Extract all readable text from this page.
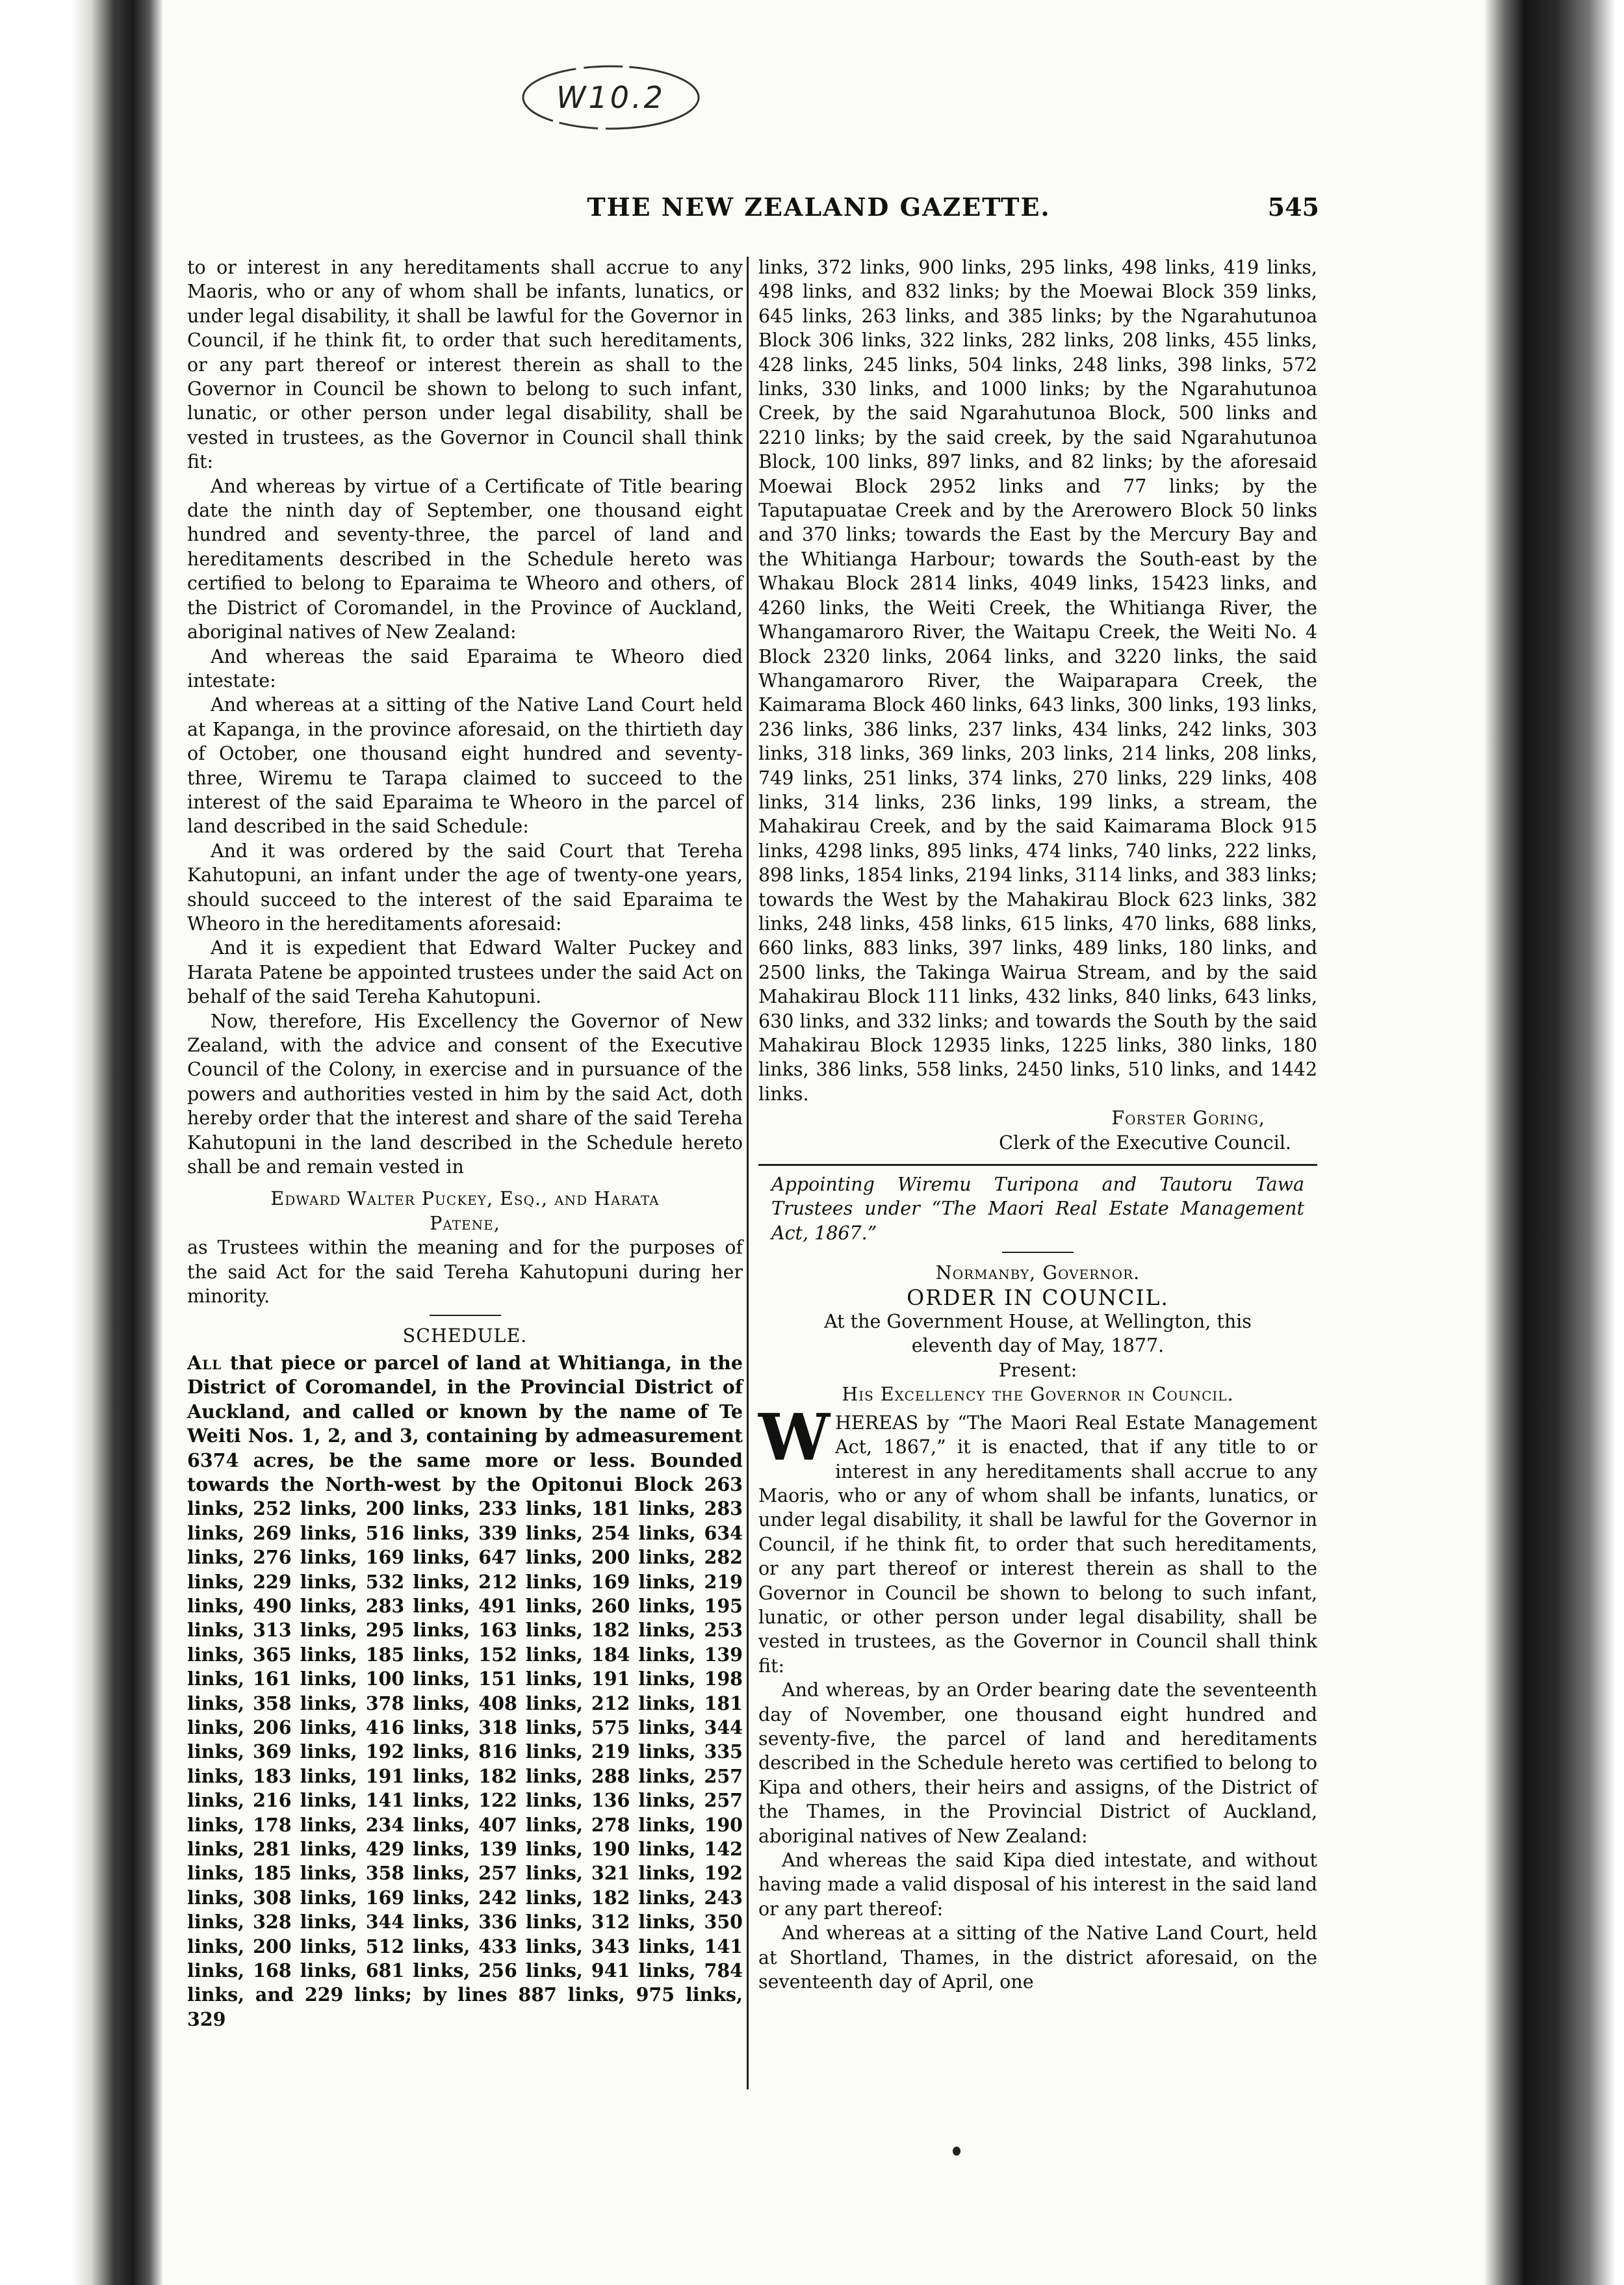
W10.2
THE NEW ZEALAND GAZETTE.	545

to or interest in any hereditaments shall accrue to any Maoris, who or any of whom shall be infants, lunatics, or under legal disability, it shall be lawful for the Governor in Council, if he think fit, to order that such hereditaments, or any part thereof or interest therein as shall to the Governor in Council be shown to belong to such infant, lunatic, or other person under legal disability, shall be vested in trustees, as the Governor in Council shall think fit:

And whereas by virtue of a Certificate of Title bearing date the ninth day of September, one thousand eight hundred and seventy-three, the parcel of land and hereditaments described in the Schedule hereto was certified to belong to Eparaima te Wheoro and others, of the District of Coromandel, in the Province of Auckland, aboriginal natives of New Zealand:

And whereas the said Eparaima te Wheoro died intestate:

And whereas at a sitting of the Native Land Court held at Kapanga, in the province aforesaid, on the thirtieth day of October, one thousand eight hundred and seventy-three, Wiremu te Tarapa claimed to succeed to the interest of the said Eparaima te Wheoro in the parcel of land described in the said Schedule:

And it was ordered by the said Court that Tereha Kahutopuni, an infant under the age of twenty-one years, should succeed to the interest of the said Eparaima te Wheoro in the hereditaments aforesaid:

And it is expedient that Edward Walter Puckey and Harata Patene be appointed trustees under the said Act on behalf of the said Tereha Kahutopuni.

Now, therefore, His Excellency the Governor of New Zealand, with the advice and consent of the Executive Council of the Colony, in exercise and in pursuance of the powers and authorities vested in him by the said Act, doth hereby order that the interest and share of the said Tereha Kahutopuni in the land described in the Schedule hereto shall be and remain vested in

Edward Walter Puckey, Esq., and Harata

Patene,

as Trustees within the meaning and for the purposes of the said Act for the said Tereha Kahutopuni during her minority.

SCHEDULE.

All that piece or parcel of land at Whitianga, in the District of Coromandel, in the Provincial District of Auckland, and called or known by the name of Te Weiti Nos. 1, 2, and 3, containing by admeasurement 6374 acres, be the same more or less. Bounded towards the North-west by the Opitonui Block 263 links, 252 links, 200 links, 233 links, 181 links, 283 links, 269 links, 516 links, 339 links, 254 links, 634 links, 276 links, 169 links, 647 links, 200 links, 282 links, 229 links, 532 links, 212 links, 169 links, 219 links, 490 links, 283 links, 491 links, 260 links, 195 links, 313 links, 295 links, 163 links, 182 links, 253 links, 365 links, 185 links, 152 links, 184 links, 139 links, 161 links, 100 links, 151 links, 191 links, 198 links, 358 links, 378 links, 408 links, 212 links, 181 links, 206 links, 416 links, 318 links, 575 links, 344 links, 369 links, 192 links, 816 links, 219 links, 335 links, 183 links, 191 links, 182 links, 288 links, 257 links, 216 links, 141 links, 122 links, 136 links, 257 links, 178 links, 234 links, 407 links, 278 links, 190 links, 281 links, 429 links, 139 links, 190 links, 142 links, 185 links, 358 links, 257 links, 321 links, 192 links, 308 links, 169 links, 242 links, 182 links, 243 links, 328 links, 344 links, 336 links, 312 links, 350 links, 200 links, 512 links, 433 links, 343 links, 141 links, 168 links, 681 links, 256 links, 941 links, 784 links, and 229 links; by lines 887 links, 975 links, 329

links, 372 links, 900 links, 295 links, 498 links, 419 links, 498 links, and 832 links; by the Moewai Block 359 links, 645 links, 263 links, and 385 links; by the Ngarahutunoa Block 306 links, 322 links, 282 links, 208 links, 455 links, 428 links, 245 links, 504 links, 248 links, 398 links, 572 links, 330 links, and 1000 links; by the Ngarahutunoa Creek, by the said Ngarahutunoa Block, 500 links and 2210 links; by the said creek, by the said Ngarahutunoa Block, 100 links, 897 links, and 82 links; by the aforesaid Moewai Block 2952 links and 77 links; by the Taputapuatae Creek and by the Arerowero Block 50 links and 370 links; towards the East by the Mercury Bay and the Whitianga Harbour; towards the South-east by the Whakau Block 2814 links, 4049 links, 15423 links, and 4260 links, the Weiti Creek, the Whitianga River, the Whangamaroro River, the Waitapu Creek, the Weiti No. 4 Block 2320 links, 2064 links, and 3220 links, the said Whangamaroro River, the Waiparapara Creek, the Kaimarama Block 460 links, 643 links, 300 links, 193 links, 236 links, 386 links, 237 links, 434 links, 242 links, 303 links, 318 links, 369 links, 203 links, 214 links, 208 links, 749 links, 251 links, 374 links, 270 links, 229 links, 408 links, 314 links, 236 links, 199 links, a stream, the Mahakirau Creek, and by the said Kaimarama Block 915 links, 4298 links, 895 links, 474 links, 740 links, 222 links, 898 links, 1854 links, 2194 links, 3114 links, and 383 links; towards the West by the Mahakirau Block 623 links, 382 links, 248 links, 458 links, 615 links, 470 links, 688 links, 660 links, 883 links, 397 links, 489 links, 180 links, and 2500 links, the Takinga Wairua Stream, and by the said Mahakirau Block 111 links, 432 links, 840 links, 643 links, 630 links, and 332 links; and towards the South by the said Mahakirau Block 12935 links, 1225 links, 380 links, 180 links, 386 links, 558 links, 2450 links, 510 links, and 1442 links.

Forster Goring,

Clerk of the Executive Council.

Appointing Wiremu Turipona and Tautoru Tawa Trustees under “The Maori Real Estate Management Act, 1867.”

Normanby, Governor.

ORDER IN COUNCIL.

At the Government House, at Wellington, this eleventh day of May, 1877.

Present:

His Excellency the Governor in Council.

WHEREAS by “The Maori Real Estate Management Act, 1867,” it is enacted, that if any title to or interest in any hereditaments shall accrue to any Maoris, who or any of whom shall be infants, lunatics, or under legal disability, it shall be lawful for the Governor in Council, if he think fit, to order that such hereditaments, or any part thereof or interest therein as shall to the Governor in Council be shown to belong to such infant, lunatic, or other person under legal disability, shall be vested in trustees, as the Governor in Council shall think fit:

And whereas, by an Order bearing date the seventeenth day of November, one thousand eight hundred and seventy-five, the parcel of land and hereditaments described in the Schedule hereto was certified to belong to Kipa and others, their heirs and assigns, of the District of the Thames, in the Provincial District of Auckland, aboriginal natives of New Zealand:

And whereas the said Kipa died intestate, and without having made a valid disposal of his interest in the said land or any part thereof:

And whereas at a sitting of the Native Land Court, held at Shortland, Thames, in the district aforesaid, on the seventeenth day of April, one
